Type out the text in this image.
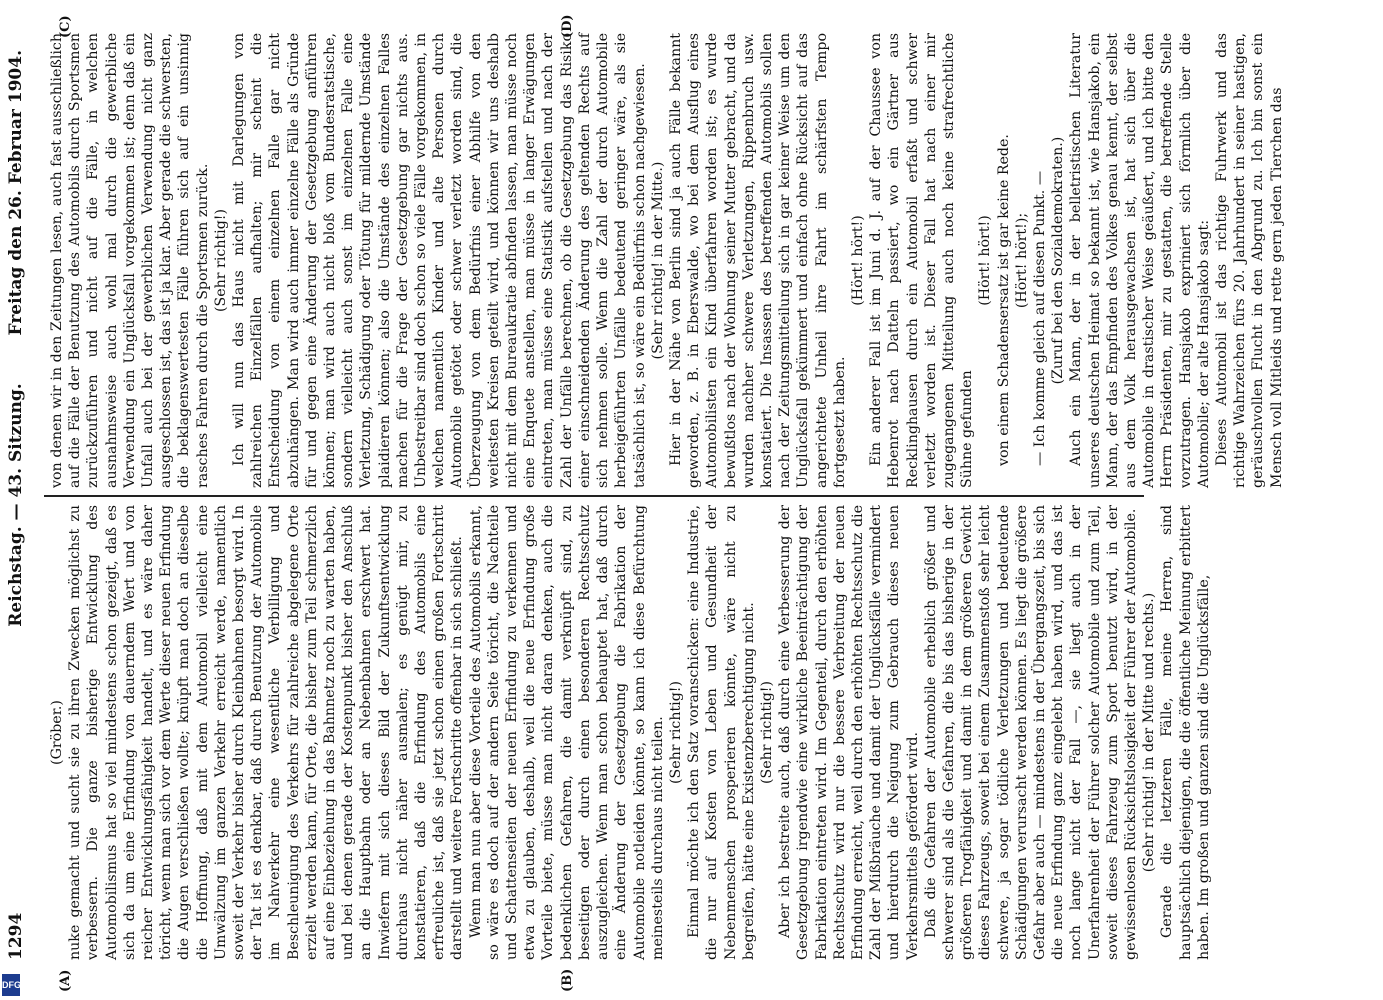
1294
Reichstag. — 43. Sitzung.
Freitag den 26. Februar 1904.
(A)	(B)
(C)	(D)

(Gröber.) nuke gemacht und sucht sie zu ihren Zwecken möglichst zu verbessern. Die ganze bisherige Entwicklung des Automobilismus hat so viel mindestens schon gezeigt, daß es sich da um eine Erfindung von dauerndem Wert und von reicher Entwicklungsfähigkeit handelt, und es wäre daher töricht, wenn man sich vor dem Werte dieser neuen Erfindung die Augen verschließen wollte; knüpft man doch an dieselbe die Hoffnung, daß mit dem Automobil vielleicht eine Umwälzung im ganzen Verkehr erreicht werde, namentlich soweit der Verkehr bisher durch Kleinbahnen besorgt wird. In der Tat ist es denkbar, daß durch Benutzung der Automobile im Nahverkehr eine wesentliche Verbilligung und Beschleunigung des Verkehrs für zahlreiche abgelegene Orte erzielt werden kann, für Orte, die bisher zum Teil schmerzlich auf eine Einbeziehung in das Bahnnetz noch zu warten haben, und bei denen gerade der Kostenpunkt bisher den Anschluß an die Hauptbahn oder an Nebenbahnen erschwert hat. Inwiefern mit sich dieses Bild der Zukunftsentwicklung durchaus nicht näher ausmalen; es genügt mir, zu konstatieren, daß die Erfindung des Automobils eine erfreuliche ist, daß sie jetzt schon einen großen Fortschritt darstellt und weitere Fortschritte offenbar in sich schließt. Wenn man nun aber diese Vorteile des Automobils erkannt, so wäre es doch auf der andern Seite töricht, die Nachteile und Schattenseiten der neuen Erfindung zu verkennen und etwa zu glauben, deshalb, weil die neue Erfindung große Vorteile biete, müsse man nicht daran denken, auch die bedenklichen Gefahren, die damit verknüpft sind, zu beseitigen oder durch einen besonderen Rechtsschutz auszugleichen. Wenn man schon behauptet hat, daß durch eine Änderung der Gesetzgebung die Fabrikation der Automobile notleiden könnte, so kann ich diese Befürchtung meinesteils durchaus nicht teilen. (Sehr richtig!) Einmal möchte ich den Satz voranschicken: eine Industrie, die nur auf Kosten von Leben und Gesundheit der Nebenmenschen prosperieren könnte, wäre nicht zu begreifen, hätte eine Existenzberechtigung nicht. (Sehr richtig!) Aber ich bestreite auch, daß durch eine Verbesserung der Gesetzgebung irgendwie eine wirkliche Beeinträchtigung der Fabrikation eintreten wird. Im Gegenteil, durch den erhöhten Rechtsschutz wird nur die bessere Verbreitung der neuen Erfindung erreicht, weil durch den erhöhten Rechtsschutz die Zahl der Mißbräuche und damit der Unglücksfälle vermindert und hierdurch die Neigung zum Gebrauch dieses neuen Verkehrsmittels gefördert wird. Daß die Gefahren der Automobile erheblich größer und schwerer sind als die Gefahren, die bis das bisherige in der größeren Trogfähigkeit und damit in dem größeren Gewicht dieses Fahrzeugs, soweit bei einem Zusammenstoß sehr leicht schwere, ja sogar tödliche Verletzungen und bedeutende Schädigungen verursacht werden können. Es liegt die größere Gefahr aber auch — mindestens in der Übergangszeit, bis sich die neue Erfindung ganz eingelebt haben wird, und das ist noch lange nicht der Fall —, sie liegt auch in der Unerfahrenheit der Führer solcher Automobile und zum Teil, soweit dieses Fahrzeug zum Sport benutzt wird, in der gewissenlosen Rücksichtslosigkeit der Führer der Automobile. (Sehr richtig! in der Mitte und rechts.) Gerade die letzteren Fälle, meine Herren, sind hauptsächlich diejenigen, die die öffentliche Meinung erbittert haben. Im großen und ganzen sind die Unglücksfälle,

von denen wir in den Zeitungen lesen, auch fast ausschließlich auf die Fälle der Benutzung des Automobils durch Sportsmen zurückzuführen und nicht auf die Fälle, in welchen ausnahmsweise auch wohl mal durch die gewerbliche Verwendung ein Unglücksfall vorgekommen ist; denn daß ein Unfall auch bei der gewerblichen Verwendung nicht ganz ausgeschlossen ist, das ist ja klar. Aber gerade die schwersten, die beklagenswertesten Fälle führen sich auf ein unsinnig rasches Fahren durch die Sportsmen zurück. (Sehr richtig!) Ich will nun das Haus nicht mit Darlegungen von zahlreichen Einzelfällen aufhalten; mir scheint die Entscheidung von einem einzelnen Falle gar nicht abzuhängen. Man wird auch immer einzelne Fälle als Gründe für und gegen eine Änderung der Gesetzgebung anführen können; man wird auch nicht bloß vom Bundesratstische, sondern vielleicht auch sonst im einzelnen Falle eine Verletzung, Schädigung oder Tötung für mildernde Umstände plaidieren können; also die Umstände des einzelnen Falles machen für die Frage der Gesetzgebung gar nichts aus. Unbestreitbar sind doch schon so viele Fälle vorgekommen, in welchen namentlich Kinder und alte Personen durch Automobile getötet oder schwer verletzt worden sind, die Überzeugung von dem Bedürfnis einer Abhilfe von den weitesten Kreisen geteilt wird, und können wir uns deshalb nicht mit dem Bureaukratie abfinden lassen, man müsse noch eine Enquete anstellen, man müsse in langer Erwägungen eintreten, man müsse eine Statistik aufstellen und nach der Zahl der Unfälle berechnen, ob die Gesetzgebung das Risiko einer einschneidenden Änderung des geltenden Rechts auf sich nehmen solle. Wenn die Zahl der durch Automobile herbeigeführten Unfälle bedeutend geringer wäre, als sie tatsächlich ist, so wäre ein Bedürfnis schon nachgewiesen. (Sehr richtig! in der Mitte.) Hier in der Nähe von Berlin sind ja auch Fälle bekannt geworden, z. B. in Eberswalde, wo bei dem Ausflug eines Automobilisten ein Kind überfahren worden ist; es wurde bewußtlos nach der Wohnung seiner Mutter gebracht, und da wurden nachher schwere Verletzungen, Rippenbruch usw. konstatiert. Die Insassen des betreffenden Automobils sollen nach der Zeitungsmitteilung sich in gar keiner Weise um den Unglücksfall gekümmert und einfach ohne Rücksicht auf das angerichtete Unheil ihre Fahrt im schärfsten Tempo fortgesetzt haben.

(Hört! hört!) Ein anderer Fall ist im Juni d. J. auf der Chaussee von Hebenrot nach Datteln passiert, wo ein Gärtner aus Recklinghausen durch ein Automobil erfaßt und schwer verletzt worden ist. Dieser Fall hat nach einer mir zugegangenen Mitteilung auch noch keine strafrechtliche Sühne gefunden

(Hört! hört!) von einem Schadensersatz ist gar keine Rede. (Hört! hört!); — Ich komme gleich auf diesen Punkt. — (Zuruf bei den Sozialdemokraten.) Auch ein Mann, der in der belletristischen Literatur unseres deutschen Heimat so bekannt ist, wie Hansjakob, ein Mann, der das Empfinden des Volkes genau kennt, der selbst aus dem Volk herausgewachsen ist, hat sich über die Automobile in drastischer Weise geäußert, und ich bitte den Herrn Präsidenten, mir zu gestatten, die betreffende Stelle vorzutragen. Hansjakob expriniert sich förmlich über die Automobile; der alte Hansjakob sagt: Dieses Automobil ist das richtige Fuhrwerk und das richtige Wahrzeichen fürs 20. Jahrhundert in seiner hastigen, geräuschvollen Flucht in den Abgrund zu. Ich bin sonst ein Mensch voll Mitleids und rette gern jeden Tierchen das

DFG
